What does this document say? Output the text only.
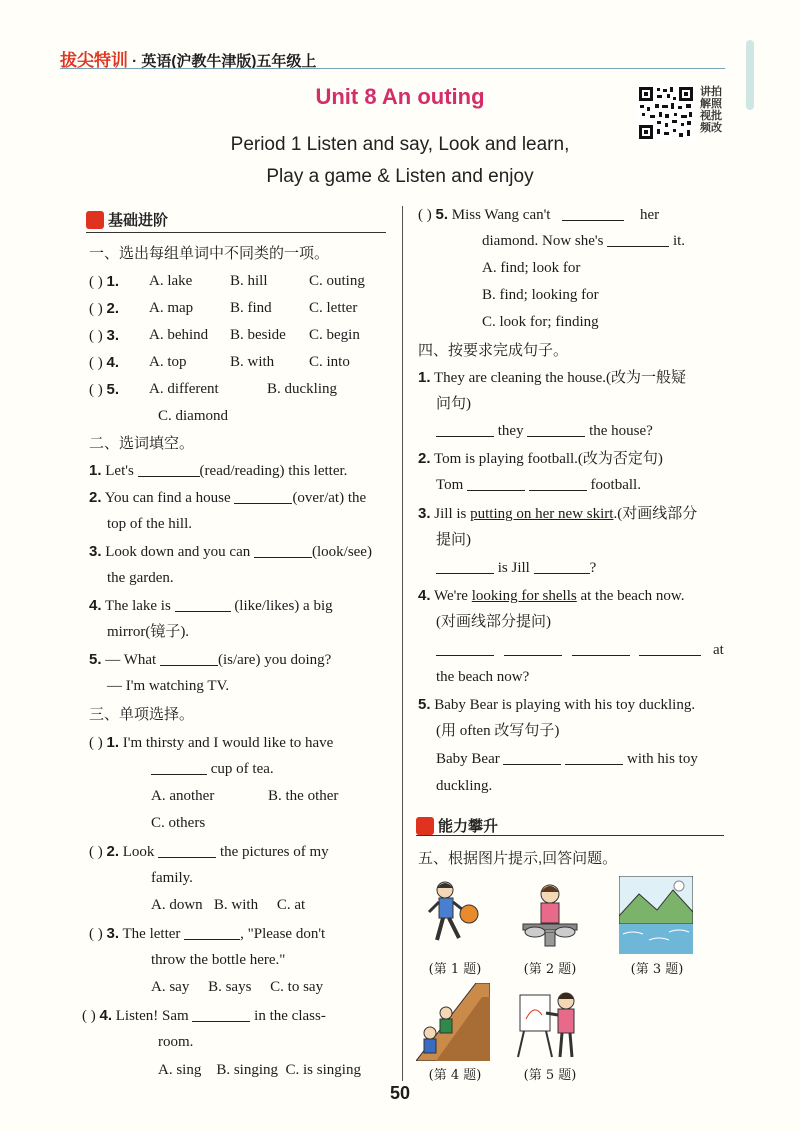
拔尖特训 · 英语(沪教牛津版)五年级上
Unit 8 An outing
Period 1 Listen and say, Look and learn,
Play a game & Listen and enjoy
讲拍解照视批频改
基础进阶
一、选出每组单词中不同类的一项。
( ) 1. A. lake	B. hill	C. outing
( ) 2. A. map B. find C. letter
( ) 3. A. behind B. beside C. begin
( ) 4. A. top	B. with C. into
( ) 5. A. different	B. duckling
C. diamond
二、选词填空。
1. Let's	(read/reading) this letter.
2. You can find a house	(over/at) the
top of the hill.
3. Look down and you can	(look/see)
the garden.
4. The lake is	(like/likes) a big
mirror(镜子).
5. — What	(is/are) you doing?
— I'm watching TV.
三、单项选择。
( ) 1. I'm thirsty and I would like to have
cup of tea.
A. another	B. the other
C. others
( ) 2. Look	the pictures of my
family.
A. down   B. with     C. at
( ) 3. The letter	, "Please don't
throw the bottle here."
A. say     B. says     C. to say
( ) 4. Listen! Sam	in the class-
room.
A. sing    B. singing  C. is singing
( ) 5. Miss Wang can't	her
diamond. Now she's	it.
A. find; look for
B. find; looking for
C. look for; finding
四、按要求完成句子。
1. They are cleaning the house.(改为一般疑
问句)
they	the house?
2. Tom is playing football.(改为否定句)
Tom	football.
3. Jill is putting on her new skirt.(对画线部分
提问)
is Jill	?
4. We're looking for shells at the beach now.
(对画线部分提问)
at
the beach now?
5. Baby Bear is playing with his toy duckling.
(用 often 改写句子)
Baby Bear	with his toy
duckling.
能力攀升
五、根据图片提示,回答问题。
(第 1 题)	(第 2 题)	(第 3 题)
(第 4 题)	(第 5 题)
50
